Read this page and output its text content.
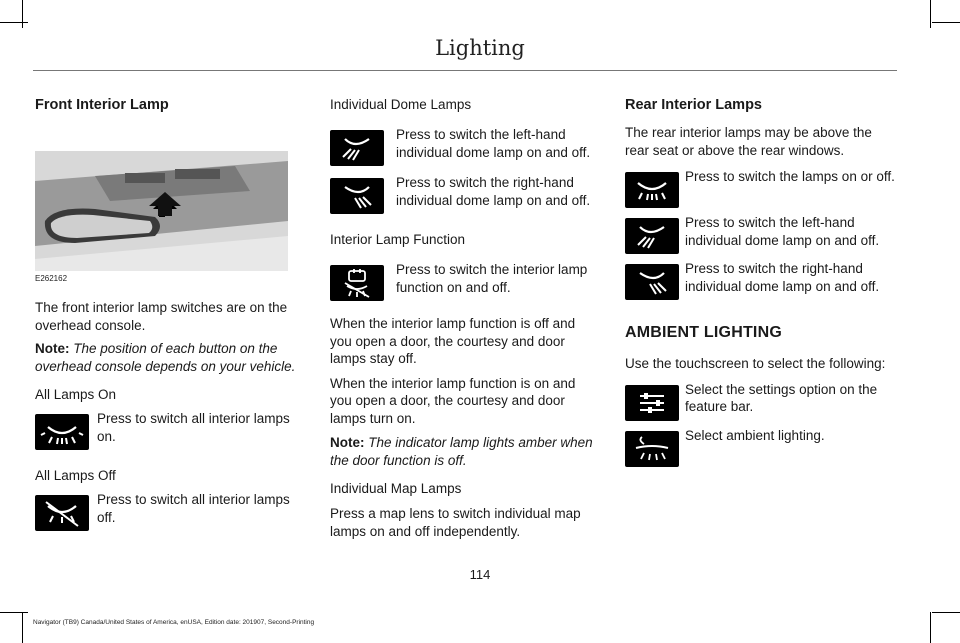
Lighting
Front Interior Lamp
E262162

The front interior lamp switches are on the overhead console.

Note: The position of each button on the overhead console depends on your vehicle.

All Lamps On

Press to switch all interior lamps on.

All Lamps Off

Press to switch all interior lamps off.

Individual Dome Lamps

Press to switch the left-hand individual dome lamp on and off.

Press to switch the right-hand individual dome lamp on and off.

Interior Lamp Function

Press to switch the interior lamp function on and off.

When the interior lamp function is off and you open a door, the courtesy and door lamps stay off.

When the interior lamp function is on and you open a door, the courtesy and door lamps turn on.

Note: The indicator lamp lights amber when the door function is off.

Individual Map Lamps

Press a map lens to switch individual map lamps on and off independently.

Rear Interior Lamps

The rear interior lamps may be above the rear seat or above the rear windows.

Press to switch the lamps on or off.

Press to switch the left-hand individual dome lamp on and off.

Press to switch the right-hand individual dome lamp on and off.

AMBIENT LIGHTING

Use the touchscreen to select the following:

Select the settings option on the feature bar.

Select ambient lighting.

114
Navigator (TB9) Canada/United States of America, enUSA, Edition date: 201907, Second-Printing
